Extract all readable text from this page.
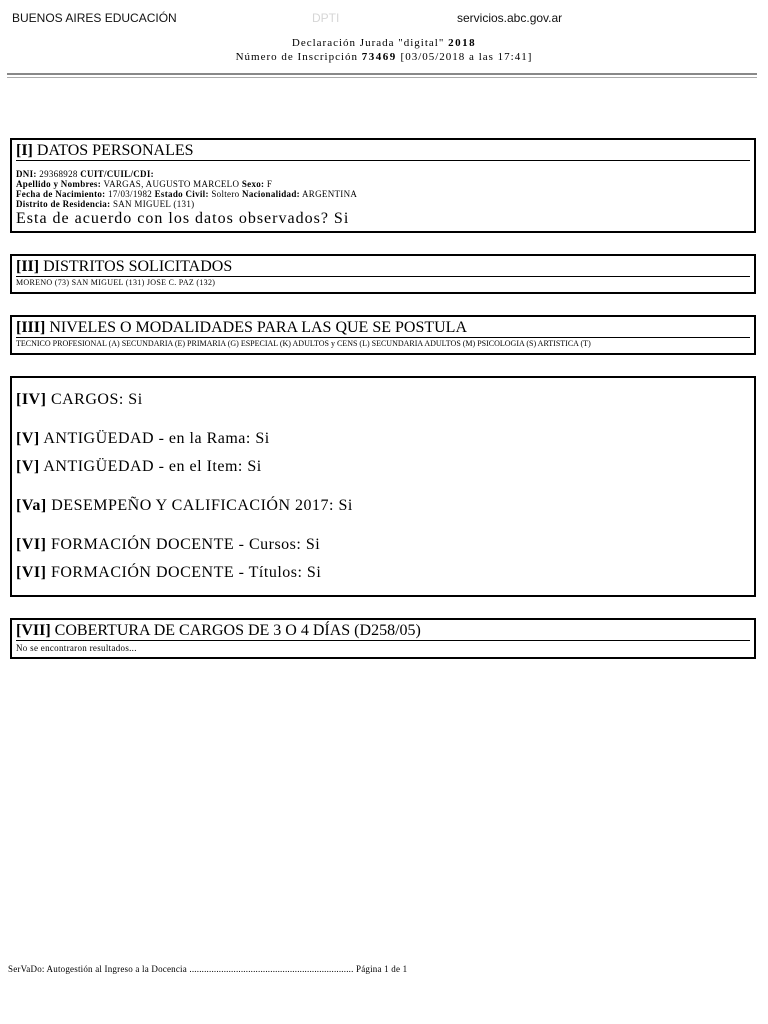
BUENOS AIRES EDUCACIÓN	DPTI	servicios.abc.gov.ar
Declaración Jurada "digital" 2018
Número de Inscripción 73469 [03/05/2018 a las 17:41]
[I] DATOS PERSONALES
DNI: 29368928 CUIT/CUIL/CDI:
Apellido y Nombres: VARGAS, AUGUSTO MARCELO Sexo: F
Fecha de Nacimiento: 17/03/1982 Estado Civil: Soltero Nacionalidad: ARGENTINA
Distrito de Residencia: SAN MIGUEL (131)
Esta de acuerdo con los datos observados? Si
[II] DISTRITOS SOLICITADOS
MORENO (73) SAN MIGUEL (131) JOSE C. PAZ (132)
[III] NIVELES O MODALIDADES PARA LAS QUE SE POSTULA
TECNICO PROFESIONAL (A) SECUNDARIA (E) PRIMARIA (G) ESPECIAL (K) ADULTOS y CENS (L) SECUNDARIA ADULTOS (M) PSICOLOGIA (S) ARTISTICA (T)
[IV] CARGOS: Si
[V] ANTIGÜEDAD - en la Rama: Si
[V] ANTIGÜEDAD - en el Item: Si
[Va] DESEMPEÑO Y CALIFICACIÓN 2017: Si
[VI] FORMACIÓN DOCENTE - Cursos: Si
[VI] FORMACIÓN DOCENTE - Títulos: Si
[VII] COBERTURA DE CARGOS DE 3 O 4 DÍAS (D258/05)
No se encontraron resultados...
SerVaDo: Autogestión al Ingreso a la Docencia ................................................................... Página 1 de 1
